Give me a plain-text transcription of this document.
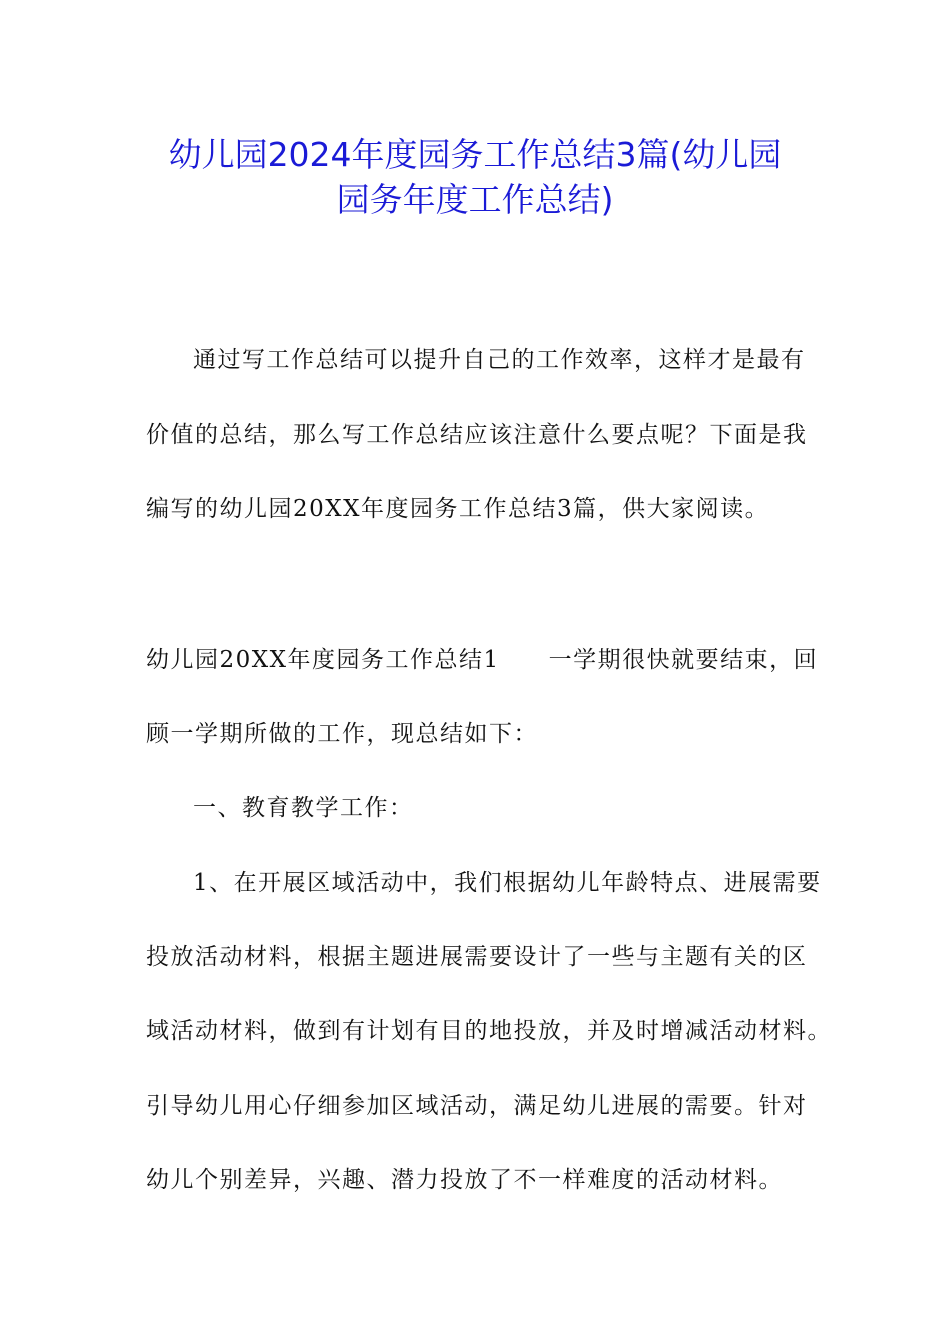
幼儿园2024年度园务工作总结3篇(幼儿园
园务年度工作总结)
通过写工作总结可以提升自己的工作效率，这样才是最有
价值的总结，那么写工作总结应该注意什么要点呢？下面是我
编写的幼儿园20XX年度园务工作总结3篇，供大家阅读。
幼儿园20XX年度园务工作总结1　　一学期很快就要结束，回
顾一学期所做的工作，现总结如下：
一、教育教学工作：
1、在开展区域活动中，我们根据幼儿年龄特点、进展需要
投放活动材料，根据主题进展需要设计了一些与主题有关的区
域活动材料，做到有计划有目的地投放，并及时增减活动材料。
引导幼儿用心仔细参加区域活动，满足幼儿进展的需要。针对
幼儿个别差异，兴趣、潜力投放了不一样难度的活动材料。
